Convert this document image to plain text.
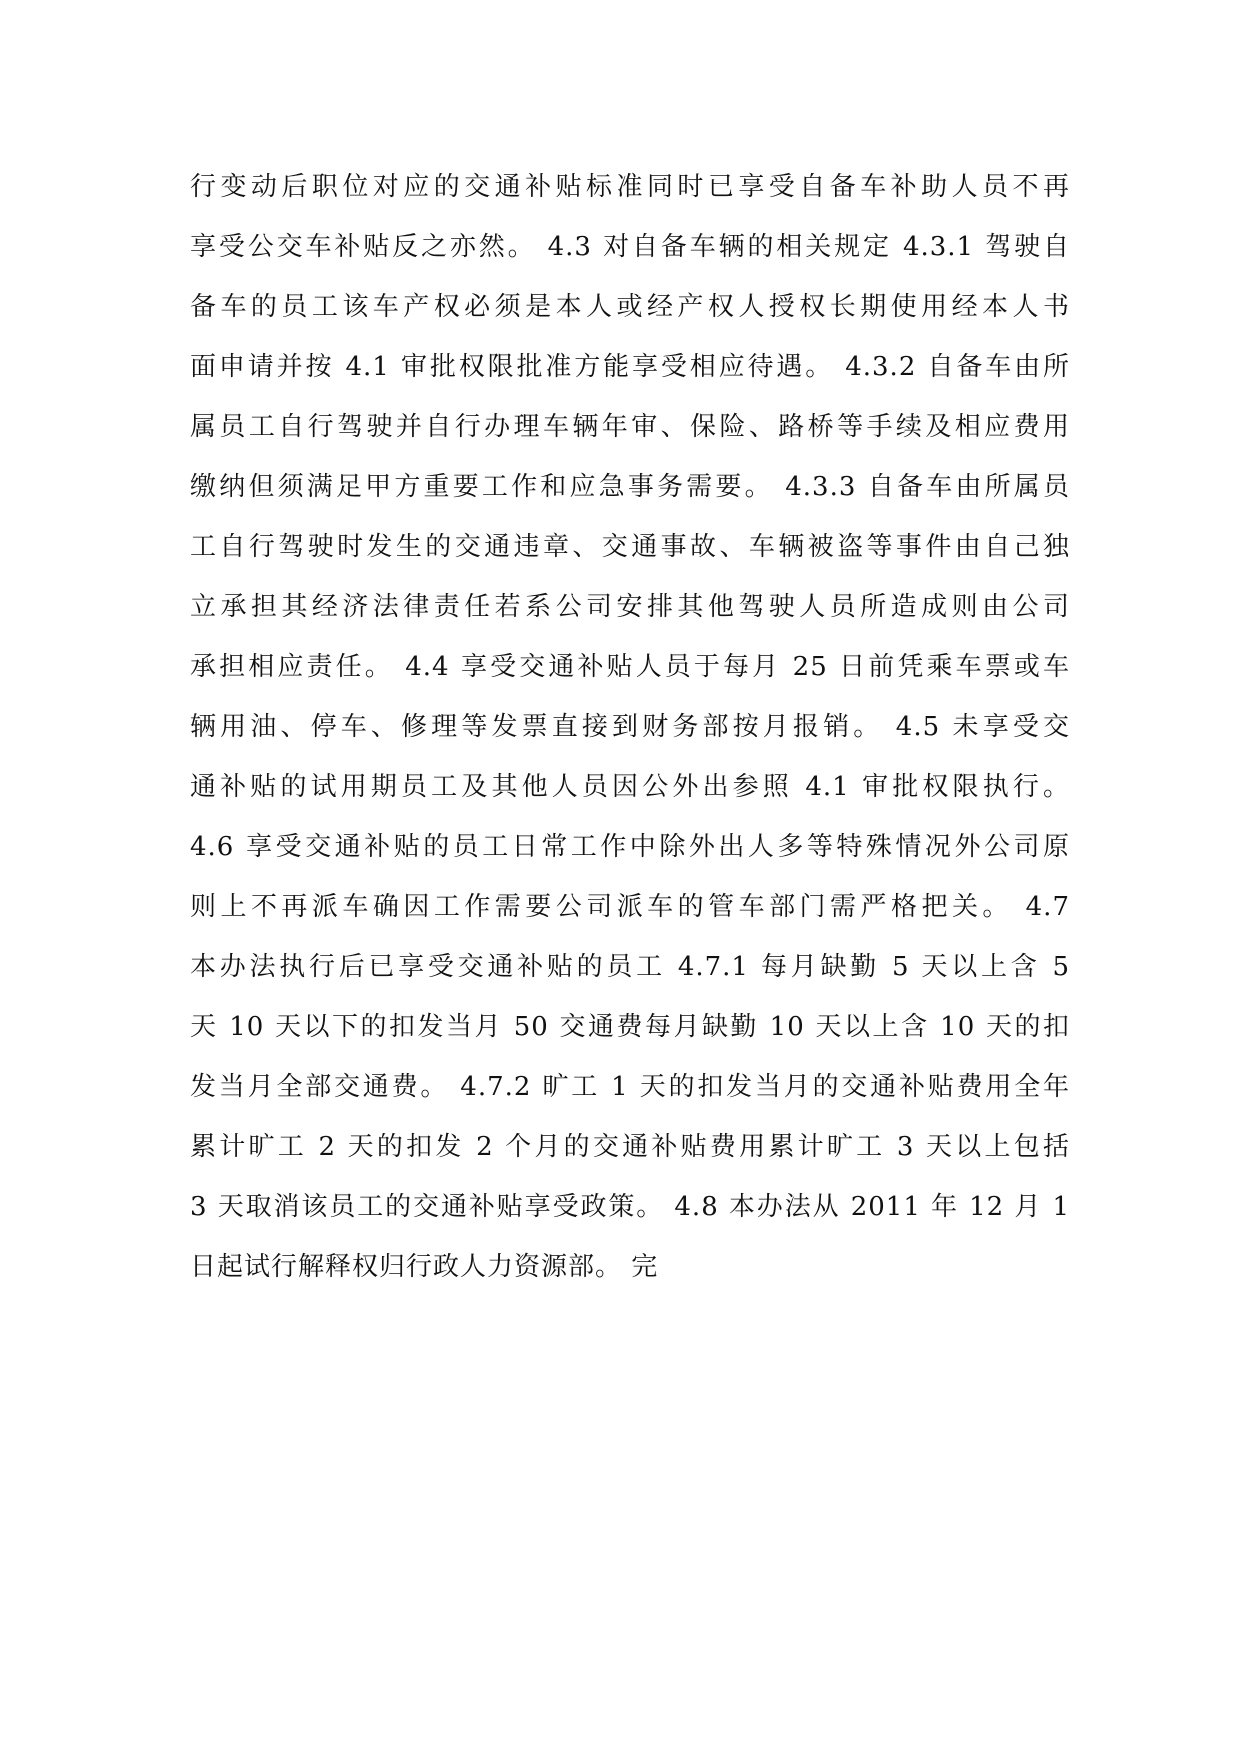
行变动后职位对应的交通补贴标准同时已享受自备车补助人员不再
享受公交车补贴反之亦然。 4.3 对自备车辆的相关规定 4.3.1 驾驶自
备车的员工该车产权必须是本人或经产权人授权长期使用经本人书
面申请并按 4.1 审批权限批准方能享受相应待遇。 4.3.2 自备车由所
属员工自行驾驶并自行办理车辆年审、保险、路桥等手续及相应费用
缴纳但须满足甲方重要工作和应急事务需要。 4.3.3 自备车由所属员
工自行驾驶时发生的交通违章、交通事故、车辆被盗等事件由自己独
立承担其经济法律责任若系公司安排其他驾驶人员所造成则由公司
承担相应责任。 4.4 享受交通补贴人员于每月 25 日前凭乘车票或车
辆用油、停车、修理等发票直接到财务部按月报销。 4.5 未享受交
通补贴的试用期员工及其他人员因公外出参照 4.1 审批权限执行。
4.6 享受交通补贴的员工日常工作中除外出人多等特殊情况外公司原
则上不再派车确因工作需要公司派车的管车部门需严格把关。 4.7
本办法执行后已享受交通补贴的员工 4.7.1 每月缺勤 5 天以上含 5
天 10 天以下的扣发当月 50 交通费每月缺勤 10 天以上含 10 天的扣
发当月全部交通费。 4.7.2 旷工 1 天的扣发当月的交通补贴费用全年
累计旷工 2 天的扣发 2 个月的交通补贴费用累计旷工 3 天以上包括
3 天取消该员工的交通补贴享受政策。 4.8 本办法从 2011 年 12 月 1
日起试行解释权归行政人力资源部。 完
